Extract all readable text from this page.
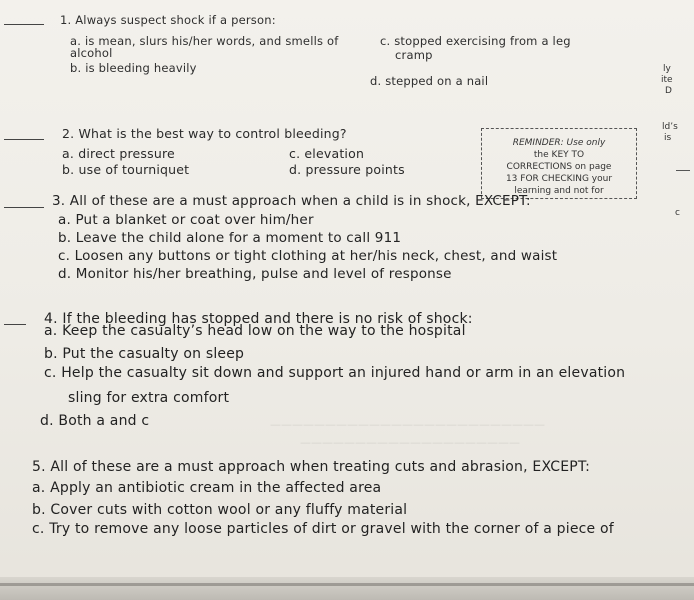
1. Always suspect shock if a person:
a. is mean, slurs his/her words, and smells of
alcohol
c. stopped exercising from a leg
cramp
b. is bleeding heavily
d. stepped on a nail
2. What is the best way to control bleeding?
a. direct pressure	c. elevation
b. use of tourniquet	d. pressure points
REMINDER: Use only
the KEY TO
CORRECTIONS on page
13 FOR CHECKING your
learning and not for
ly
ite
D
ld’s
is
c
3. All of these are a must approach when a child is in shock, EXCEPT:
a. Put a blanket or coat over him/her
b. Leave the child alone for a moment to call 911
c. Loosen any buttons or tight clothing at her/his neck, chest, and waist
d. Monitor his/her breathing, pulse and level of response
4. If the bleeding has stopped and there is no risk of shock:
a. Keep the casualty’s head low on the way to the hospital
b. Put the casualty on sleep
c. Help the casualty sit down and support an injured hand or arm in an elevation
sling for extra comfort
d. Both a and c	—————————————————————————
————————————————————
5. All of these are a must approach when treating cuts and abrasion, EXCEPT:
a. Apply an antibiotic cream in the affected area
b. Cover cuts with cotton wool or any fluffy material
c. Try to remove any loose particles of dirt or gravel with the corner of a piece of
